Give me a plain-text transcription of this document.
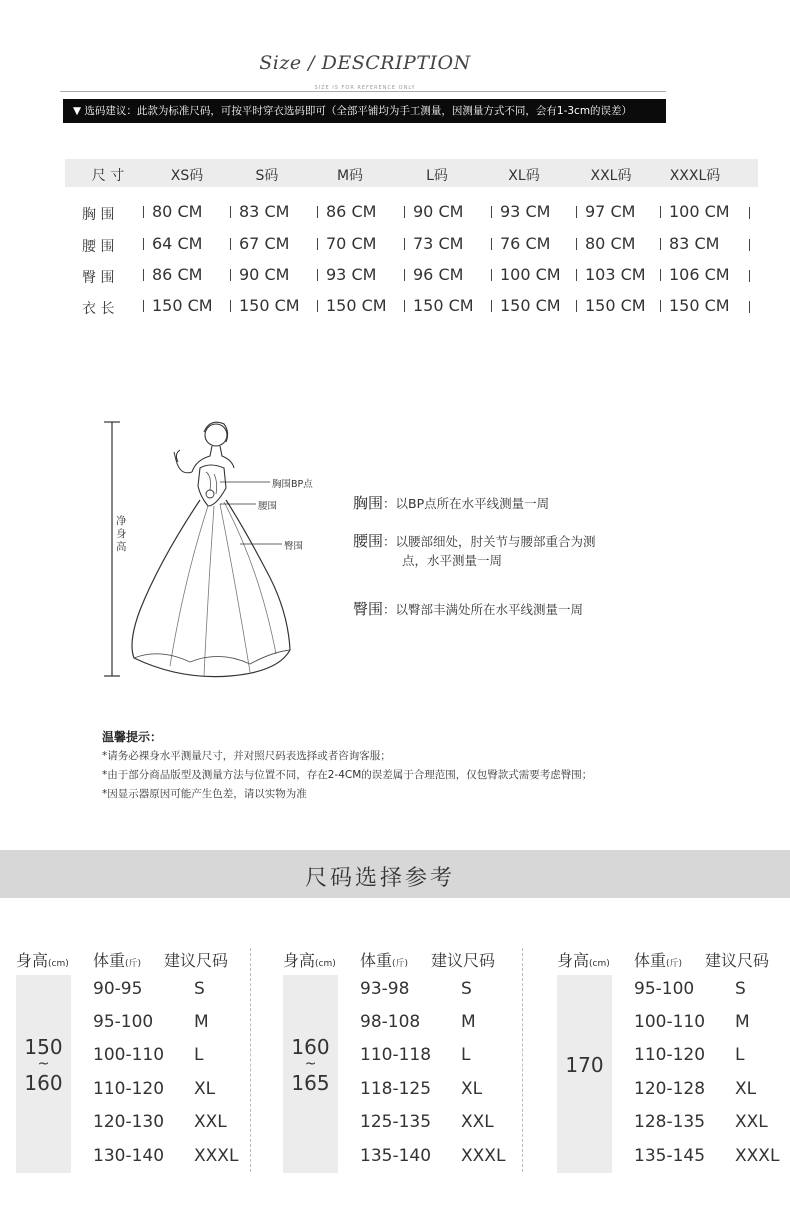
Size / DESCRIPTION
SIZE IS FOR REFERENCE ONLY
▼ 选码建议：此款为标准尺码，可按平时穿衣选码即可（全部平铺均为手工测量，因测量方式不同，会有1-3cm的误差）
尺 寸	XS码	S码	M码	L码	XL码	XXL码	XXXL码
胸 围	80 CM	83 CM	86 CM	90 CM	93 CM	97 CM	100 CM
腰 围	64 CM	67 CM	70 CM	73 CM	76 CM	80 CM	83 CM
臀 围	86 CM	90 CM	93 CM	96 CM	100 CM	103 CM	106 CM
衣 长	150 CM	150 CM	150 CM	150 CM	150 CM	150 CM	150 CM
净身高
胸围BP点
腰围
臀围
胸围：以BP点所在水平线测量一周
腰围：以腰部细处，肘关节与腰部重合为测
点，水平测量一周
臀围：以臀部丰满处所在水平线测量一周
温馨提示：
*请务必裸身水平测量尺寸，并对照尺码表选择或者咨询客服；
*由于部分商品版型及测量方法与位置不同，存在2-4CM的误差属于合理范围，仅包臀款式需要考虑臀围；
*因显示器原因可能产生色差，请以实物为准
尺码选择参考
身高(cm) 体重(斤) 建议尺码
150
~
160
90-95	S
95-100 M
100-110 L
110-120 XL
120-130 XXL
130-140 XXXL
身高(cm) 体重(斤) 建议尺码
160
~
165
93-98	S
98-108 M
110-118 L
118-125 XL
125-135 XXL
135-140 XXXL
身高(cm) 体重(斤) 建议尺码
170
95-100 S
100-110 M
110-120 L
120-128 XL
128-135 XXL
135-145 XXXL
